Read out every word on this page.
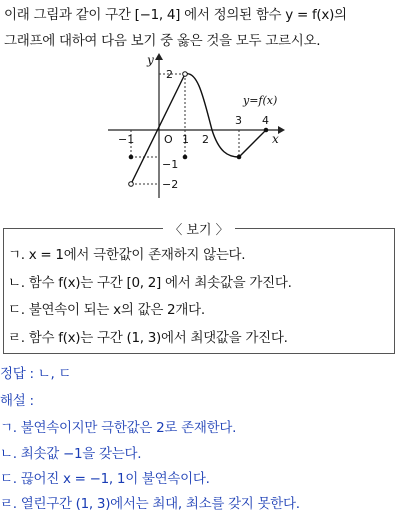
이래 그림과 같이 구간 [−1, 4] 에서 정의된 함수 y = f(x)의
그래프에 대하여 다음 보기 중 옳은 것을 모두 고르시오.
y
2
y=f(x)
x
−1	O 1 2
3 4
−1
−2
〈 보기 〉
ㄱ. x = 1에서 극한값이 존재하지 않는다.
ㄴ. 함수 f(x)는 구간 [0, 2] 에서 최솟값을 가진다.
ㄷ. 불연속이 되는 x의 값은 2개다.
ㄹ. 함수 f(x)는 구간 (1, 3)에서 최댓값을 가진다.
정답 : ㄴ, ㄷ
해설 :
ㄱ. 불연속이지만 극한값은 2로 존재한다.
ㄴ. 최솟값 −1을 갖는다.
ㄷ. 끊어진 x = −1, 1이 불연속이다.
ㄹ. 열린구간 (1, 3)에서는 최대, 최소를 갖지 못한다.
